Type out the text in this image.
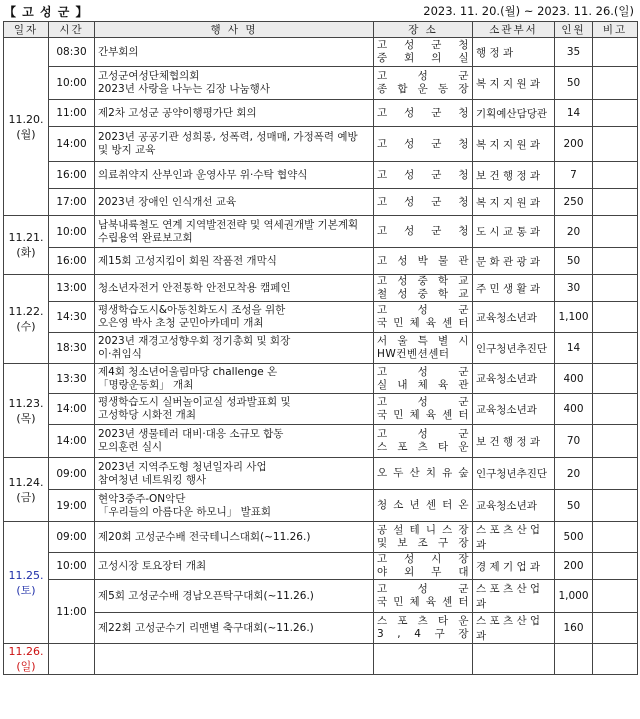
【 고 성 군 】	2023. 11. 20.(월) ~ 2023. 11. 26.(일)
일자	시간	행 사 명	장 소	소관부서	인원	비고
11.20.
(월)	08:30	간부회의	고 성 군 청
중 회 의 실	행 정 과	35	
	10:00	고성군여성단체협의회
2023년 사랑을 나누는 김장 나눔행사	고 성 군
종 합 운 동 장	복 지 지 원 과	50	
	11:00	제2차 고성군 공약이행평가단 회의	고 성 군 청	기획예산담당관	14	
	14:00	2023년 공공기관 성희롱, 성폭력, 성매매, 가정폭력 예방 및 방지 교육	고 성 군 청	복 지 지 원 과	200	
	16:00	의료취약지 산부인과 운영사무 위·수탁 협약식	고 성 군 청	보 건 행 정 과	7	
	17:00	2023년 장애인 인식개선 교육	고 성 군 청	복 지 지 원 과	250	
11.21.
(화)	10:00	남북내륙철도 연계 지역발전전략 및 역세권개발 기본계획 수립용역 완료보고회	고 성 군 청	도 시 교 통 과	20	
	16:00	제15회 고성지킴이 회원 작품전 개막식	고 성 박 물 관	문 화 관 광 과	50	
11.22.
(수)	13:00	청소년자전거 안전통학 안전모착용 캠페인	고 성 중 학 교
철 성 중 학 교	주 민 생 활 과	30	
	14:30	평생학습도시&아동친화도시 조성을 위한
오은영 박사 초청 군민아카데미 개최	고 성 군
국 민 체 육 센 터	교육청소년과	1,100	
	18:30	2023년 재경고성향우회 정기총회 및 회장
이·취임식	서 울 특 별 시
HW컨벤션센터	인구청년추진단	14	
11.23.
(목)	13:30	제4회 청소년어울림마당 challenge 온
「명랑운동회」 개최	고 성 군
실 내 체 육 관	교육청소년과	400	
	14:00	평생학습도시 실버놀이교실 성과발표회 및
고성학당 시화전 개최	고 성 군
국 민 체 육 센 터	교육청소년과	400	
	14:00	2023년 생물테러 대비·대응 소규모 합동
모의훈련 실시	고 성 군
스 포 츠 타 운	보 건 행 정 과	70	
11.24.
(금)	09:00	2023년 지역주도형 청년일자리 사업
참여청년 네트워킹 행사	오 두 산 치 유 숲	인구청년추진단	20	
	19:00	현악3중주-ON악단
「우리들의 아름다운 하모니」 발표회	청 소 년 센 터 온	교육청소년과	50	
11.25.
(토)	09:00	제20회 고성군수배 전국테니스대회(~11.26.)	공 설 테 니 스 장
및 보 조 구 장	스 포 츠 산 업 과	500	
	10:00	고성시장 토요장터 개최	고 성 시 장
야 외 무 대	경 제 기 업 과	200	
	11:00	제5회 고성군수배 경남오픈탁구대회(~11.26.)	고 성 군
국 민 체 육 센 터	스 포 츠 산 업 과	1,000	
		제22회 고성군수기 리맨별 축구대회(~11.26.)	스 포 츠 타 운
3 , 4 구 장	스 포 츠 산 업 과	160	
11.26.
(일)						
